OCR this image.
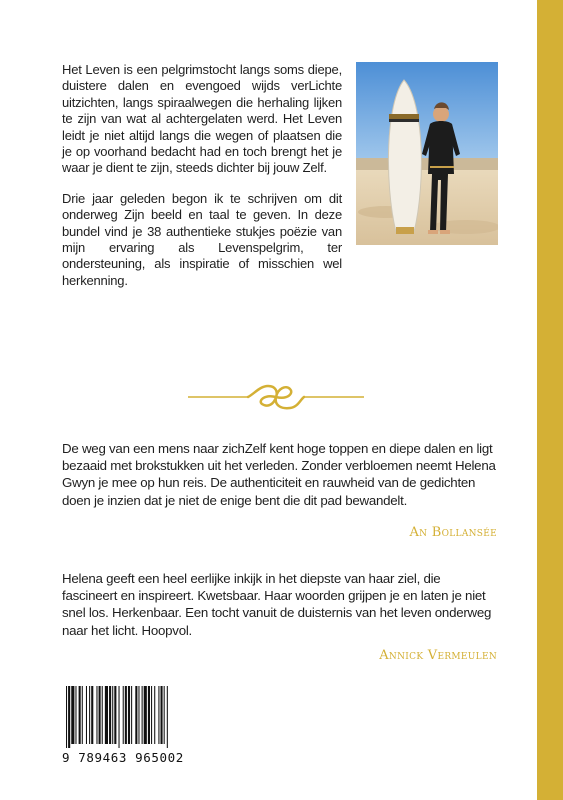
Het Leven is een pelgrimstocht langs soms diepe, duistere dalen en evengoed wijds verLichte uitzichten, langs spiraalwegen die herhaling lijken te zijn van wat al achtergelaten werd. Het Leven leidt je niet altijd langs die wegen of plaatsen die je op voorhand bedacht had en toch brengt het je waar je dient te zijn, steeds dichter bij jouw Zelf.

Drie jaar geleden begon ik te schrijven om dit onderweg Zijn beeld en taal te geven. In deze bundel vind je 38 authentieke stukjes poëzie van mijn ervaring als Levenspelgrim, ter ondersteuning, als inspiratie of misschien wel herkenning.

De weg van een mens naar zichZelf kent hoge toppen en diepe dalen en ligt bezaaid met brokstukken uit het verleden. Zonder verbloemen neemt Helena Gwyn je mee op hun reis. De authenticiteit en rauwheid van de gedichten doen je inzien dat je niet de enige bent die dit pad bewandelt.
An Bollansée
Helena geeft een heel eerlijke inkijk in het diepste van haar ziel, die fascineert en inspireert. Kwetsbaar. Haar woorden grijpen je en laten je niet snel los. Herkenbaar. Een tocht vanuit de duisternis van het leven onderweg naar het licht. Hoopvol.
Annick Vermeulen
9 789463 965002
